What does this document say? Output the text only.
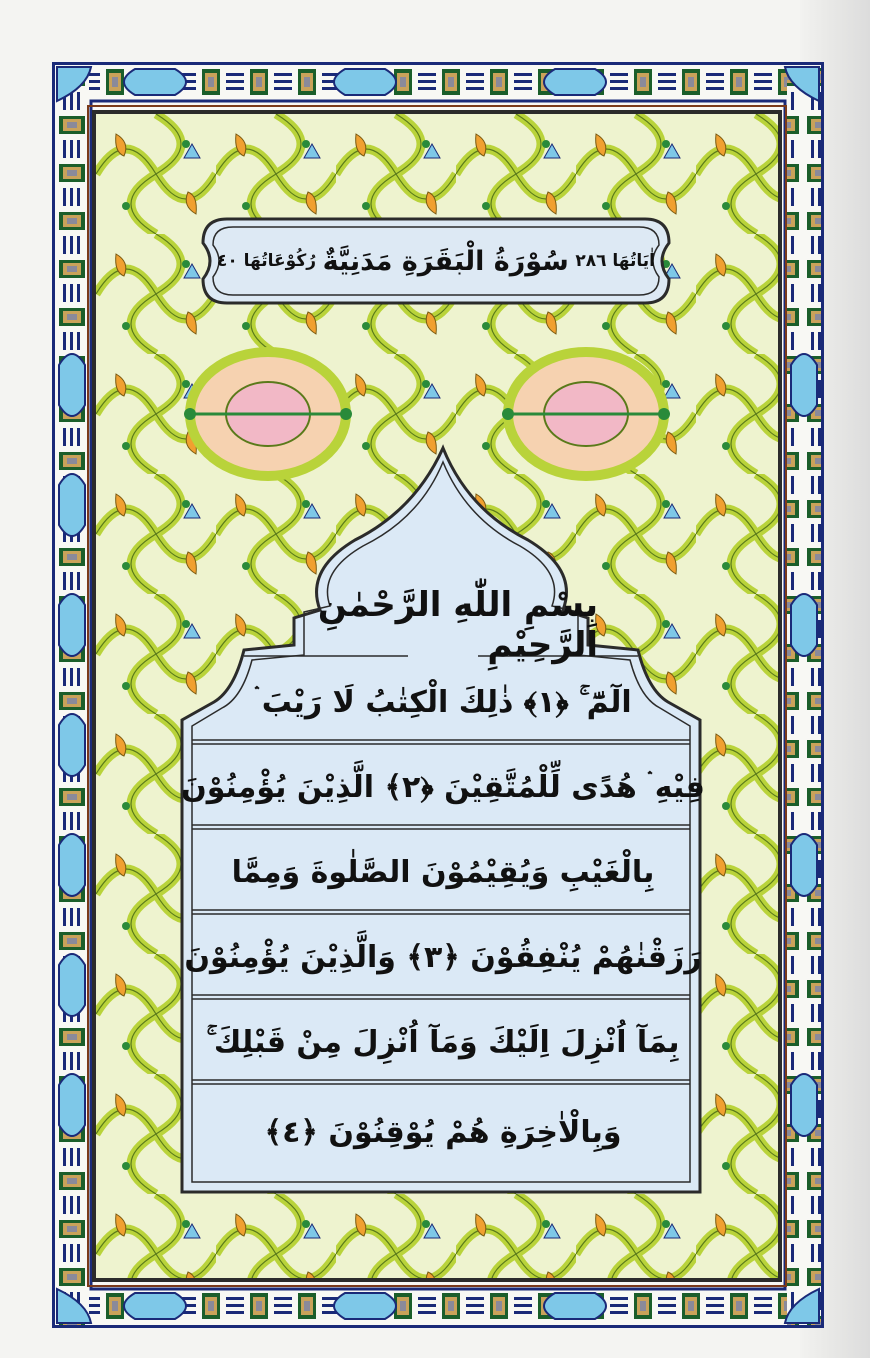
اٰیَاتُهَا ٢٨٦
سُوْرَةُ الْبَقَرَةِ مَدَنِيَّةٌ
رُكُوْعَاتُهَا ٤٠
بِسْمِ اللّٰهِ الرَّحْمٰنِ الرَّحِيْمِ
الٓمّٓ ۚ ﴿١﴾ ذٰلِكَ الْكِتٰبُ لَا رَيْبَ ۛ
فِيْهِ ۛ هُدًى لِّلْمُتَّقِيْنَ ﴿٢﴾ الَّذِيْنَ يُؤْمِنُوْنَ
بِالْغَيْبِ وَيُقِيْمُوْنَ الصَّلٰوةَ وَمِمَّا
رَزَقْنٰهُمْ يُنْفِقُوْنَ ﴿٣﴾ وَالَّذِيْنَ يُؤْمِنُوْنَ
بِمَآ اُنْزِلَ اِلَيْكَ وَمَآ اُنْزِلَ مِنْ قَبْلِكَ ۚ
وَبِالْاٰخِرَةِ هُمْ يُوْقِنُوْنَ ﴿٤﴾
